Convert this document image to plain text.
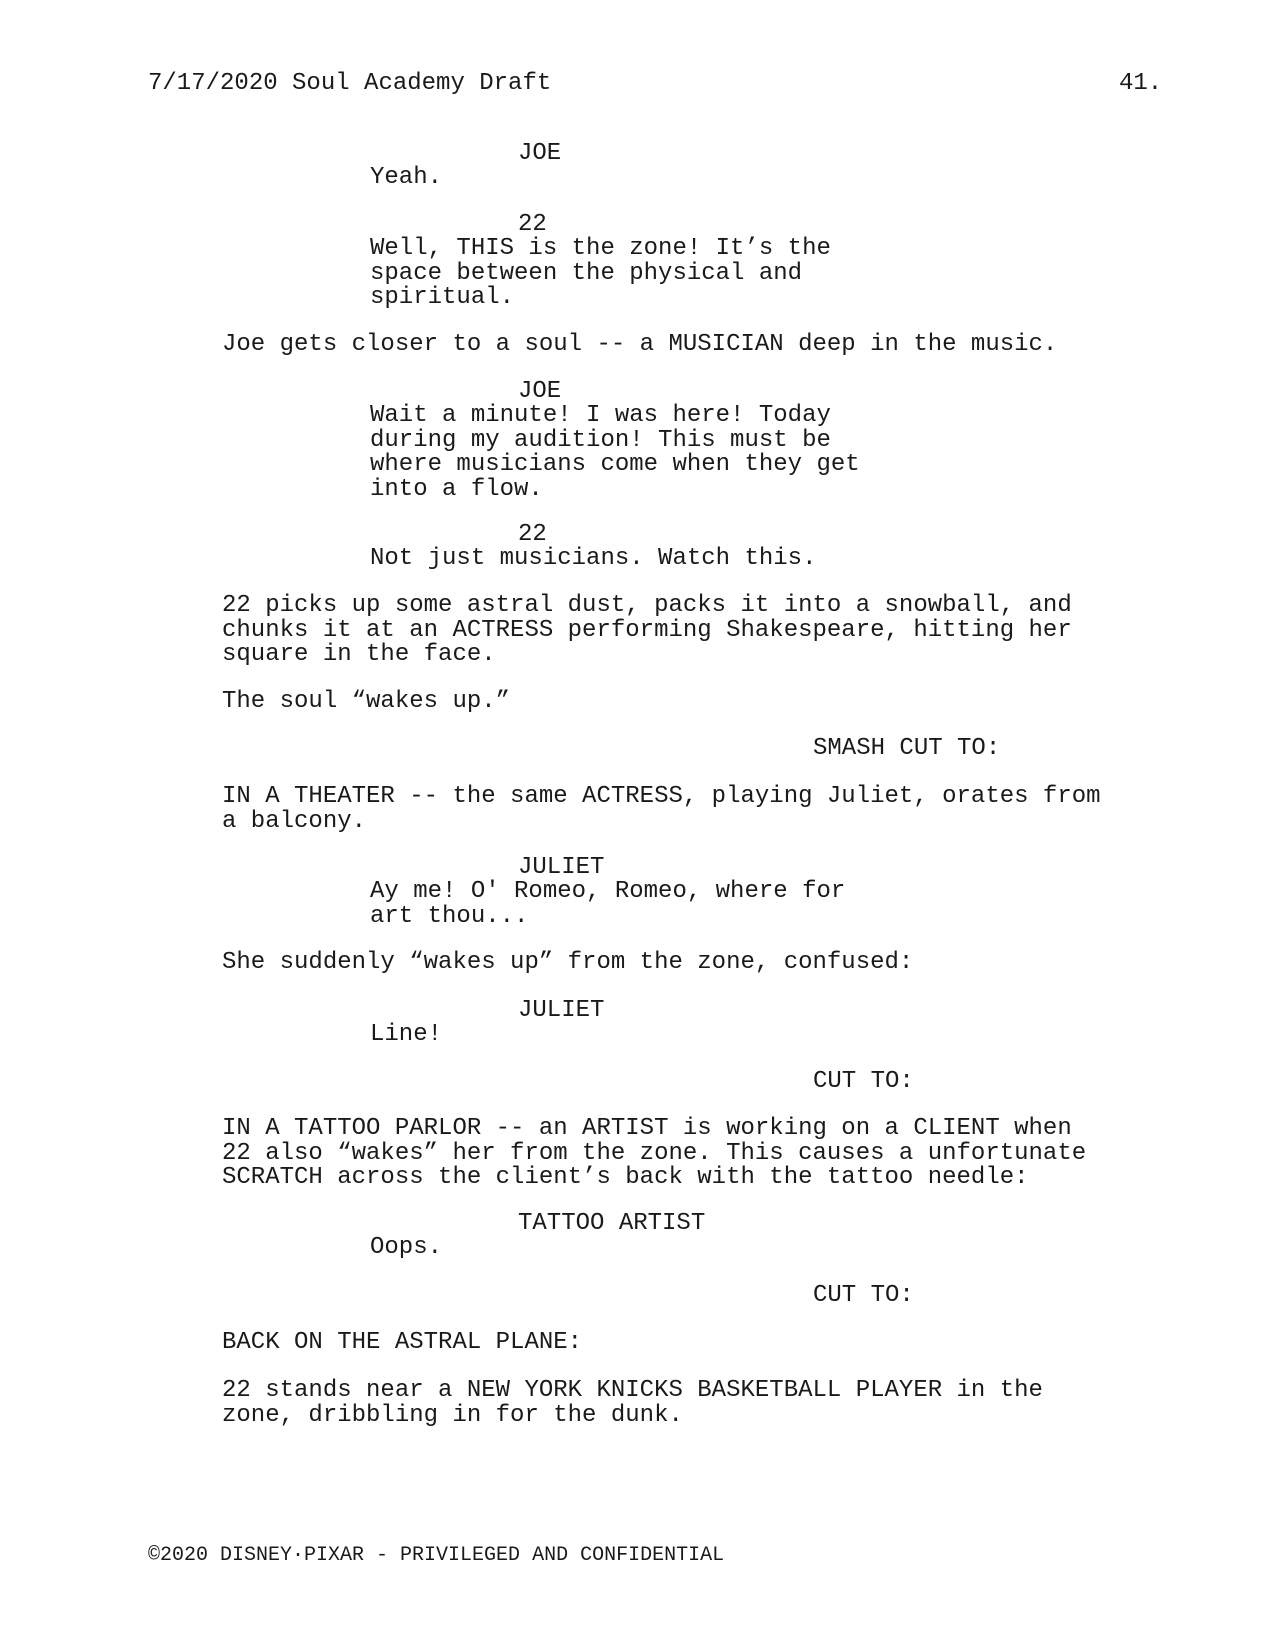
7/17/2020 Soul Academy Draft	41.
JOE
Yeah.
22
Well, THIS is the zone! It’s the
space between the physical and
spiritual.
Joe gets closer to a soul -- a MUSICIAN deep in the music.
JOE
Wait a minute! I was here! Today
during my audition! This must be
where musicians come when they get
into a flow.
22
Not just musicians. Watch this.
22 picks up some astral dust, packs it into a snowball, and
chunks it at an ACTRESS performing Shakespeare, hitting her
square in the face.
The soul “wakes up.”
SMASH CUT TO:
IN A THEATER -- the same ACTRESS, playing Juliet, orates from
a balcony.
JULIET
Ay me! O' Romeo, Romeo, where for
art thou...
She suddenly “wakes up” from the zone, confused:
JULIET
Line!
CUT TO:
IN A TATTOO PARLOR -- an ARTIST is working on a CLIENT when
22 also “wakes” her from the zone. This causes a unfortunate
SCRATCH across the client’s back with the tattoo needle:
TATTOO ARTIST
Oops.
CUT TO:
BACK ON THE ASTRAL PLANE:
22 stands near a NEW YORK KNICKS BASKETBALL PLAYER in the
zone, dribbling in for the dunk.
©2020 DISNEY·PIXAR - PRIVILEGED AND CONFIDENTIAL
